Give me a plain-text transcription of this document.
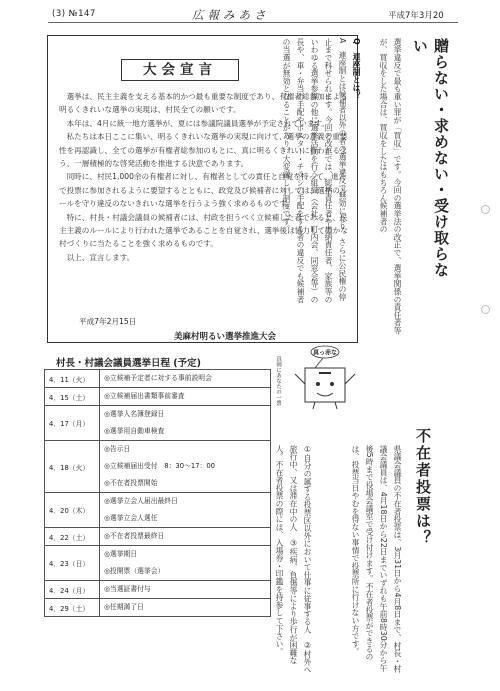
(3) №147	広報みあさ	平成7年3月20
大会宣言

選挙は、民主主義を支える基本的かつ最も重要な制度であり、有権者総参加による明るくきれいな選挙の実現は、村民全ての願いです。

本年は、4月に統一地方選挙が、夏には参議院議員選挙が予定されています。

私たちは本日ここに集い、明るくきれいな選挙の実現に向けて、選挙の意義と重要性を再認識し、全ての選挙が有権者総参加のもとに、真に明るくきれいに行われるよう、一層積極的な啓発活動を推進する決意であります。

同時に、村民1,000余の有権者に対し、有権者としての責任と自覚を持って、進んで投票に参加されるように要望するとともに、政党及び候補者に対しては、選挙のルールを守り違反のないきれいな選挙を行うよう強く求めるものです。

特に、村長・村議会議員の候補者には、村政を担うべく立候補した者であると、民主主義のルールにより行われた選挙であることを自覚され、選挙後は協力して豊かな村づくりに当たることを強く求めるものです。

以上、宣言します。

平成7年2月15日
美麻村明るい選挙推進大会
村長・村議会議員選挙日程 (予定)
4．11（火）	◎立候補予定者に対する事前説明会

4．15（土）	◎立候補届出書類事前審査

4．17（月）	◎選挙人名簿登録日
◎選挙用自動車検査

4．18（火）	◎告示日
◎立候補届出受付　8：30～17：00
◎不在者投票開始

4．20（木）	◎選挙立会人届出最終日
◎選挙立会人選任

4．22（土）	◎不在者投票最終日

4．23（日）	◎選挙期日
◎投開票（選挙会）

4．24（月）	◎当選証書付与

4．29（土）	◎任期満了日
真っ赤な
真剣にあなたの一票
贈らない・求めない・受け取らない

選挙違反で最も重い罪が「買収」です。今回の選挙法の改正で、選挙関係の責任者等が、買収をした場合は、買収をしたはもちろん候補者の

Q　連座制とは？

A　連座制とは候補者以外の者の選挙違反で無効になり、さらに公民権の停止まで科せられます。今回の改正では、総括責任者や出納責任者、家族等のいわゆる選挙参謀の他に選挙活動を行う組織（会社、町内会、同窓会等）の長や、車・弁当の手配やポスター・チラシの手配をする者の違反でも候補者の当選が無効となることがあり、大変厳しい制度です。

不在者投票は？

県議会議員の不在者投票は、3月31日から4月8日まで、村長・村議会議員は、4月18日から22日までいずれも午前8時30分から午後5時まで役場会議室で受け付けます。不在者投票ができるのは、投票当日やむを得ない事情で投票所に行けない方です。

①自分の属する投票区以外において仕事に従事する人　②村外へ旅行中、又は滞在中の人　③疾病、負傷等により歩行が困難な人。不在者投票の際には、入場券・印鑑を持参して下さい。
